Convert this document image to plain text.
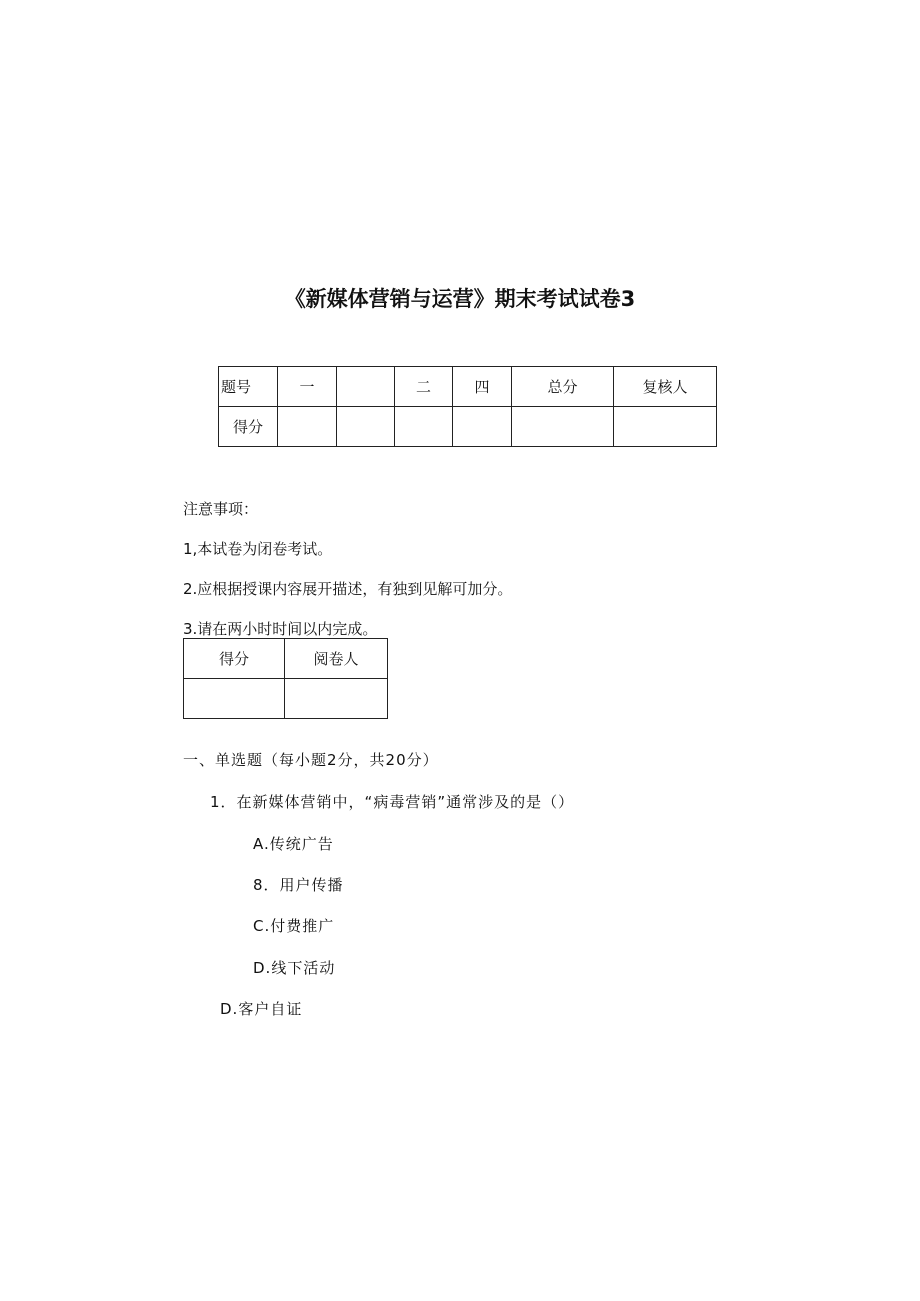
《新媒体营销与运营》期末考试试卷3
题号	一		二	四	总分	复核人
得分						
注意事项：
1,本试卷为闭卷考试。
2.应根据授课内容展开描述，有独到见解可加分。
3.请在两小时时间以内完成。
得分	阅卷人

一、单选题（每小题2分，共20分）
1．在新媒体营销中，“病毒营销”通常涉及的是（）
A.传统广告
8．用户传播
C.付费推广
D.线下活动
D.客户自证
